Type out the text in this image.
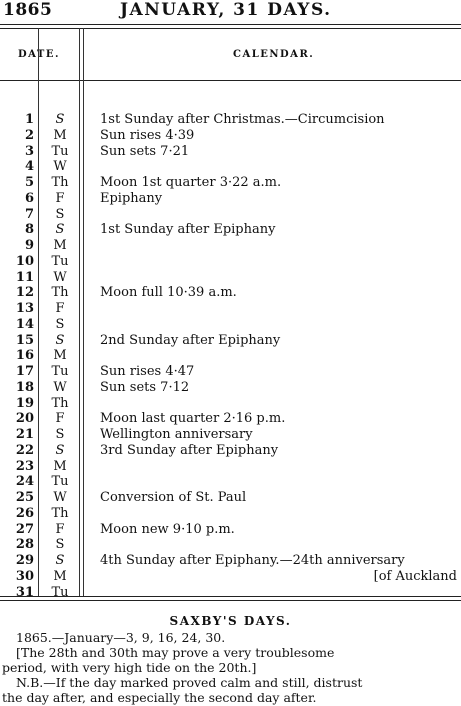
1865	JANUARY, 31 DAYS.
DATE.	CALENDAR.
1	S	1st Sunday after Christmas.—Circumcision
2	M	Sun rises 4·39
3	Tu	Sun sets 7·21
4	W
5	Th	Moon 1st quarter 3·22 a.m.
6	F	Epiphany
7	S
8	S	1st Sunday after Epiphany
9	M
10	Tu
11	W
12	Th	Moon full 10·39 a.m.
13	F
14	S
15	S	2nd Sunday after Epiphany
16	M
17	Tu	Sun rises 4·47
18	W	Sun sets 7·12
19	Th
20	F	Moon last quarter 2·16 p.m.
21	S	Wellington anniversary
22	S	3rd Sunday after Epiphany
23	M
24	Tu
25	W	Conversion of St. Paul
26	Th
27	F	Moon new 9·10 p.m.
28	S
29	S	4th Sunday after Epiphany.—24th anniversary
30	M	[of Auckland
31	Tu
SAXBY'S DAYS.
1865.—January—3, 9, 16, 24, 30.
[The 28th and 30th may prove a very troublesome
period, with very high tide on the 20th.]
N.B.—If the day marked proved calm and still, distrust
the day after, and especially the second day after.
